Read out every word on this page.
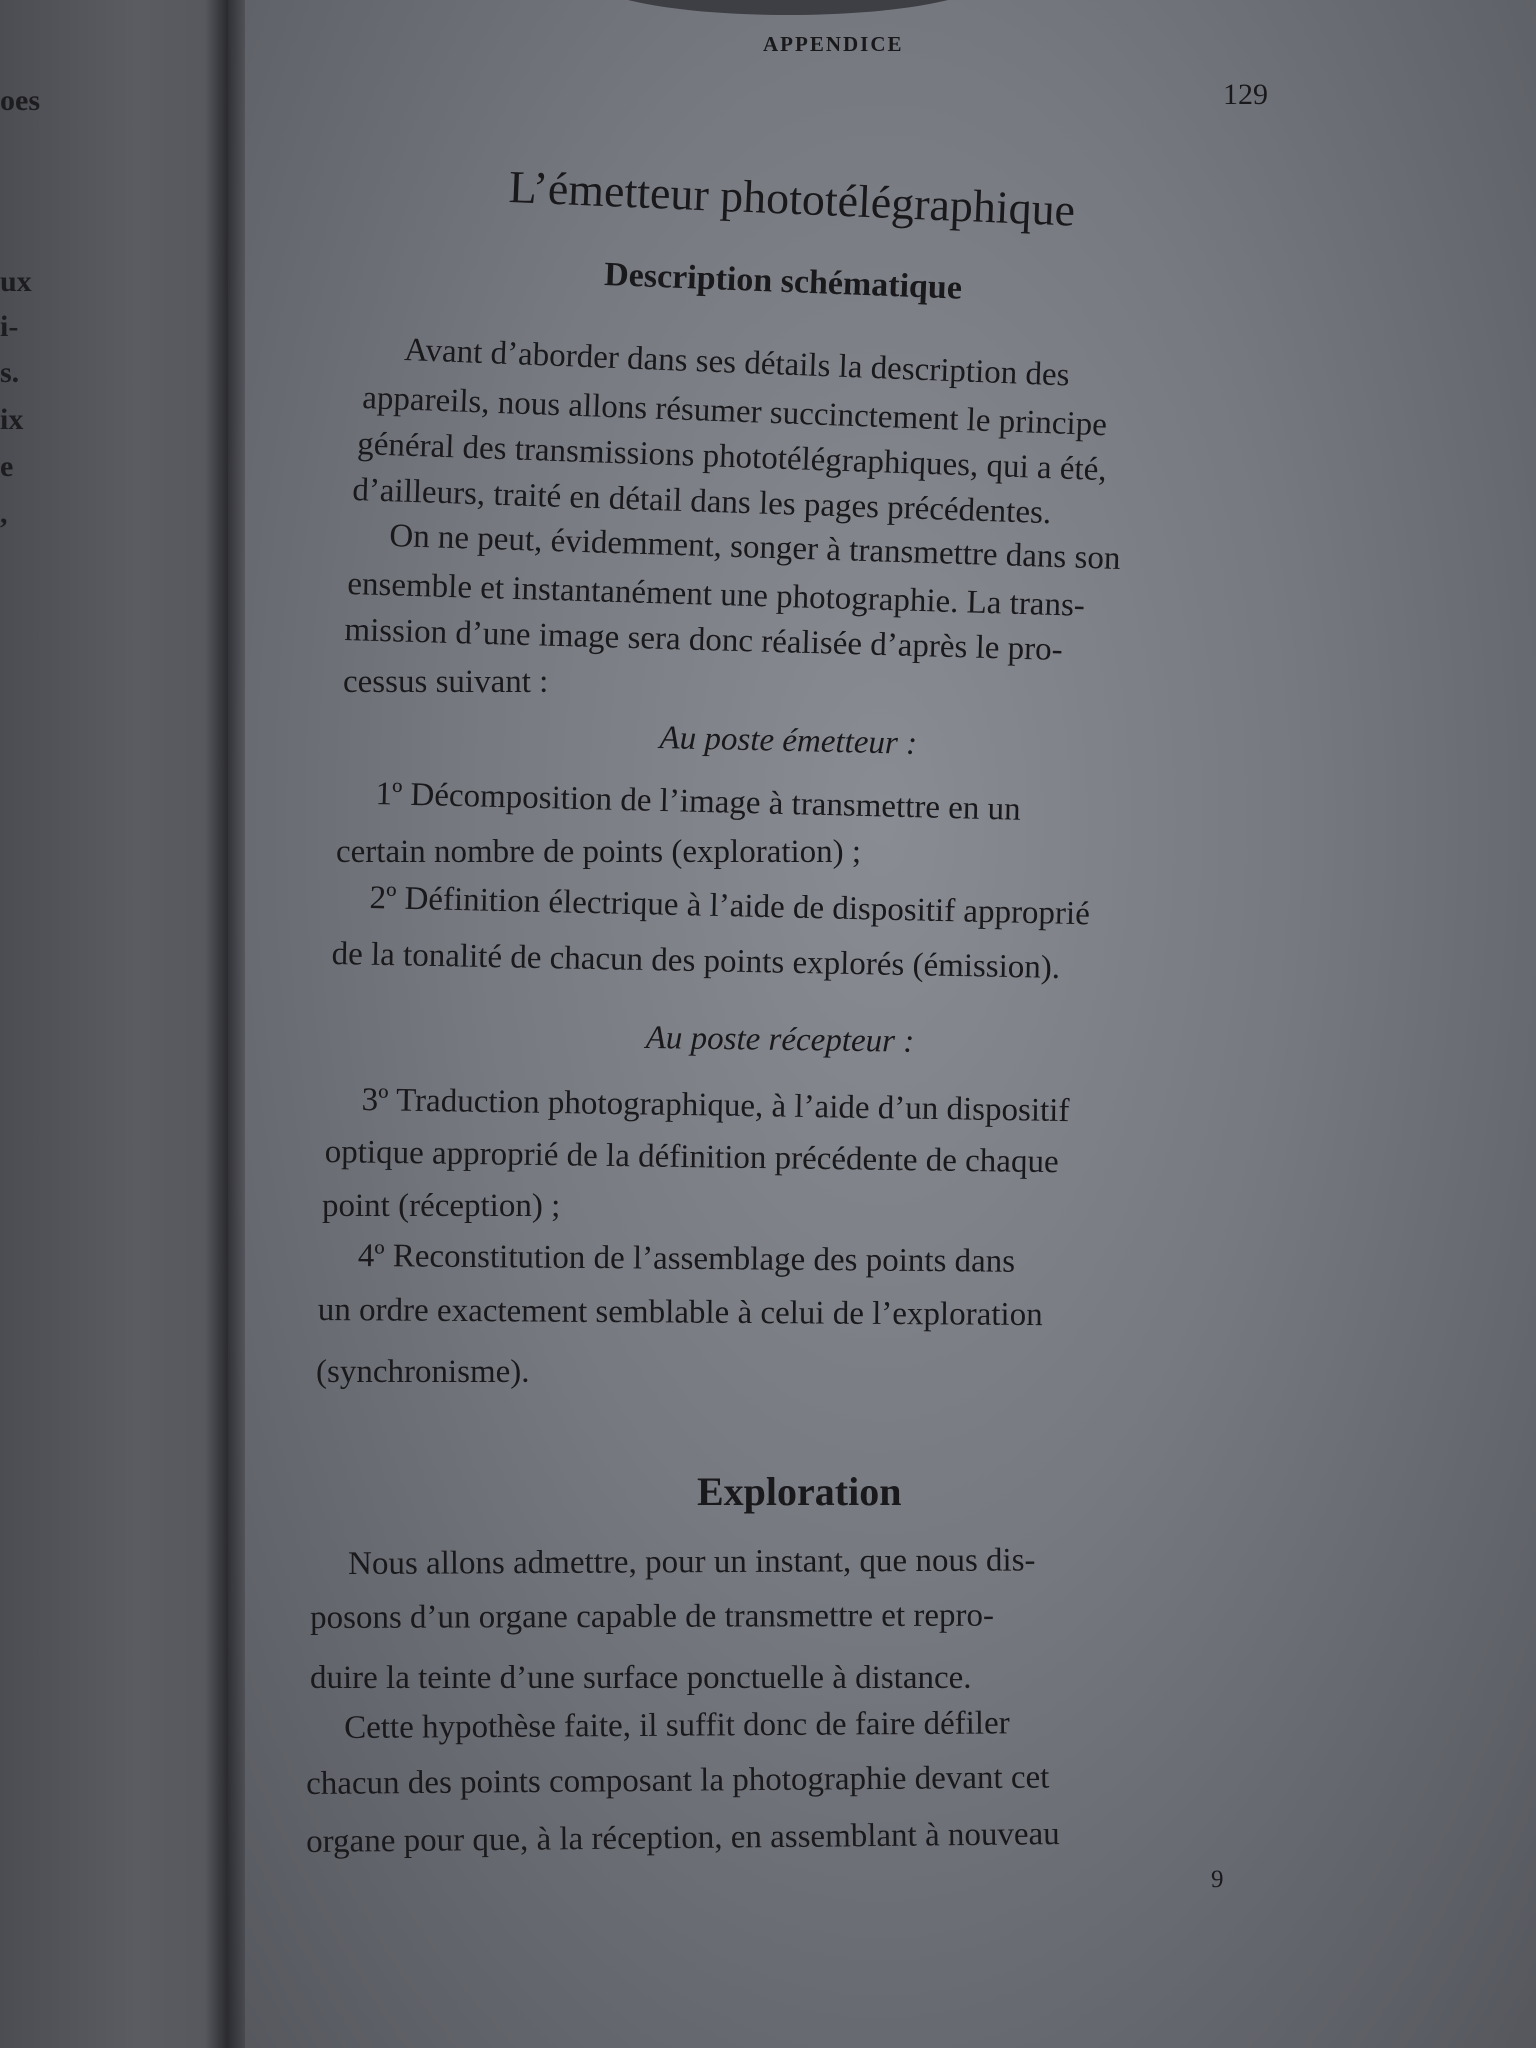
oes
ux
i-
s.
ix
e
,
APPENDICE
129
L’émetteur phototélégraphique
Description schématique
Avant d’aborder dans ses détails la description des
appareils, nous allons résumer succinctement le principe
général des transmissions phototélégraphiques, qui a été,
d’ailleurs, traité en détail dans les pages précédentes.
On ne peut, évidemment, songer à transmettre dans son
ensemble et instantanément une photographie. La trans-
mission d’une image sera donc réalisée d’après le pro-
cessus suivant :
Au poste émetteur :
1º Décomposition de l’image à transmettre en un
certain nombre de points (exploration) ;
2º Définition électrique à l’aide de dispositif approprié
de la tonalité de chacun des points explorés (émission).
Au poste récepteur :
3º Traduction photographique, à l’aide d’un dispositif
optique approprié de la définition précédente de chaque
point (réception) ;
4º Reconstitution de l’assemblage des points dans
un ordre exactement semblable à celui de l’exploration
(synchronisme).
Exploration
Nous allons admettre, pour un instant, que nous dis-
posons d’un organe capable de transmettre et repro-
duire la teinte d’une surface ponctuelle à distance.
Cette hypothèse faite, il suffit donc de faire défiler
chacun des points composant la photographie devant cet
organe pour que, à la réception, en assemblant à nouveau
9
